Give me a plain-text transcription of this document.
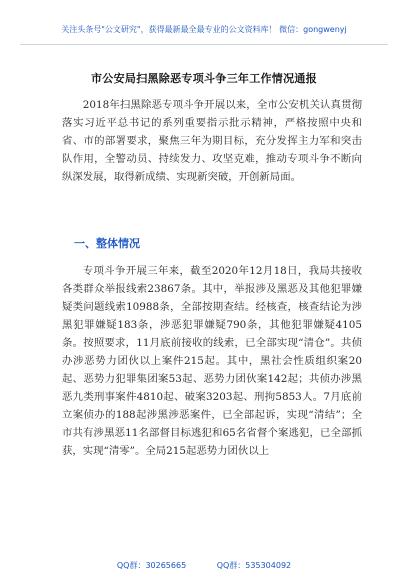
关注头条号"公文研究"，获得最新最全最专业的公文资料库！ 微信：gongwenyj
市公安局扫黑除恶专项斗争三年工作情况通报

2018年扫黑除恶专项斗争开展以来，全市公安机关认真贯彻落实习近平总书记的系列重要指示批示精神，严格按照中央和省、市的部署要求，聚焦三年为期目标，充分发挥主力军和突击队作用，全警动员、持续发力、攻坚克难，推动专项斗争不断向纵深发展，取得新成绩、实现新突破，开创新局面。

一、整体情况

专项斗争开展三年来，截至2020年12月18日，我局共接收各类群众举报线索23867条。其中，举报涉及黑恶及其他犯罪嫌疑类问题线索10988条，全部按期查结。经核查，核查结论为涉黑犯罪嫌疑183条，涉恶犯罪嫌疑790条，其他犯罪嫌疑4105条。按照要求，11月底前接收的线索，已全部实现“清仓”。共侦办涉恶势力团伙以上案件215起。其中，黑社会性质组织案20起、恶势力犯罪集团案53起、恶势力团伙案142起；共侦办涉黑恶九类刑事案件4810起、破案3203起、刑拘5853人。7月底前立案侦办的188起涉黑涉恶案件，已全部起诉，实现“清结”；全市共有涉黑恶11名部督目标逃犯和65名省督个案逃犯，已全部抓获，实现“清零”。全局215起恶势力团伙以上

QQ群：30265665	QQ群：535304092
